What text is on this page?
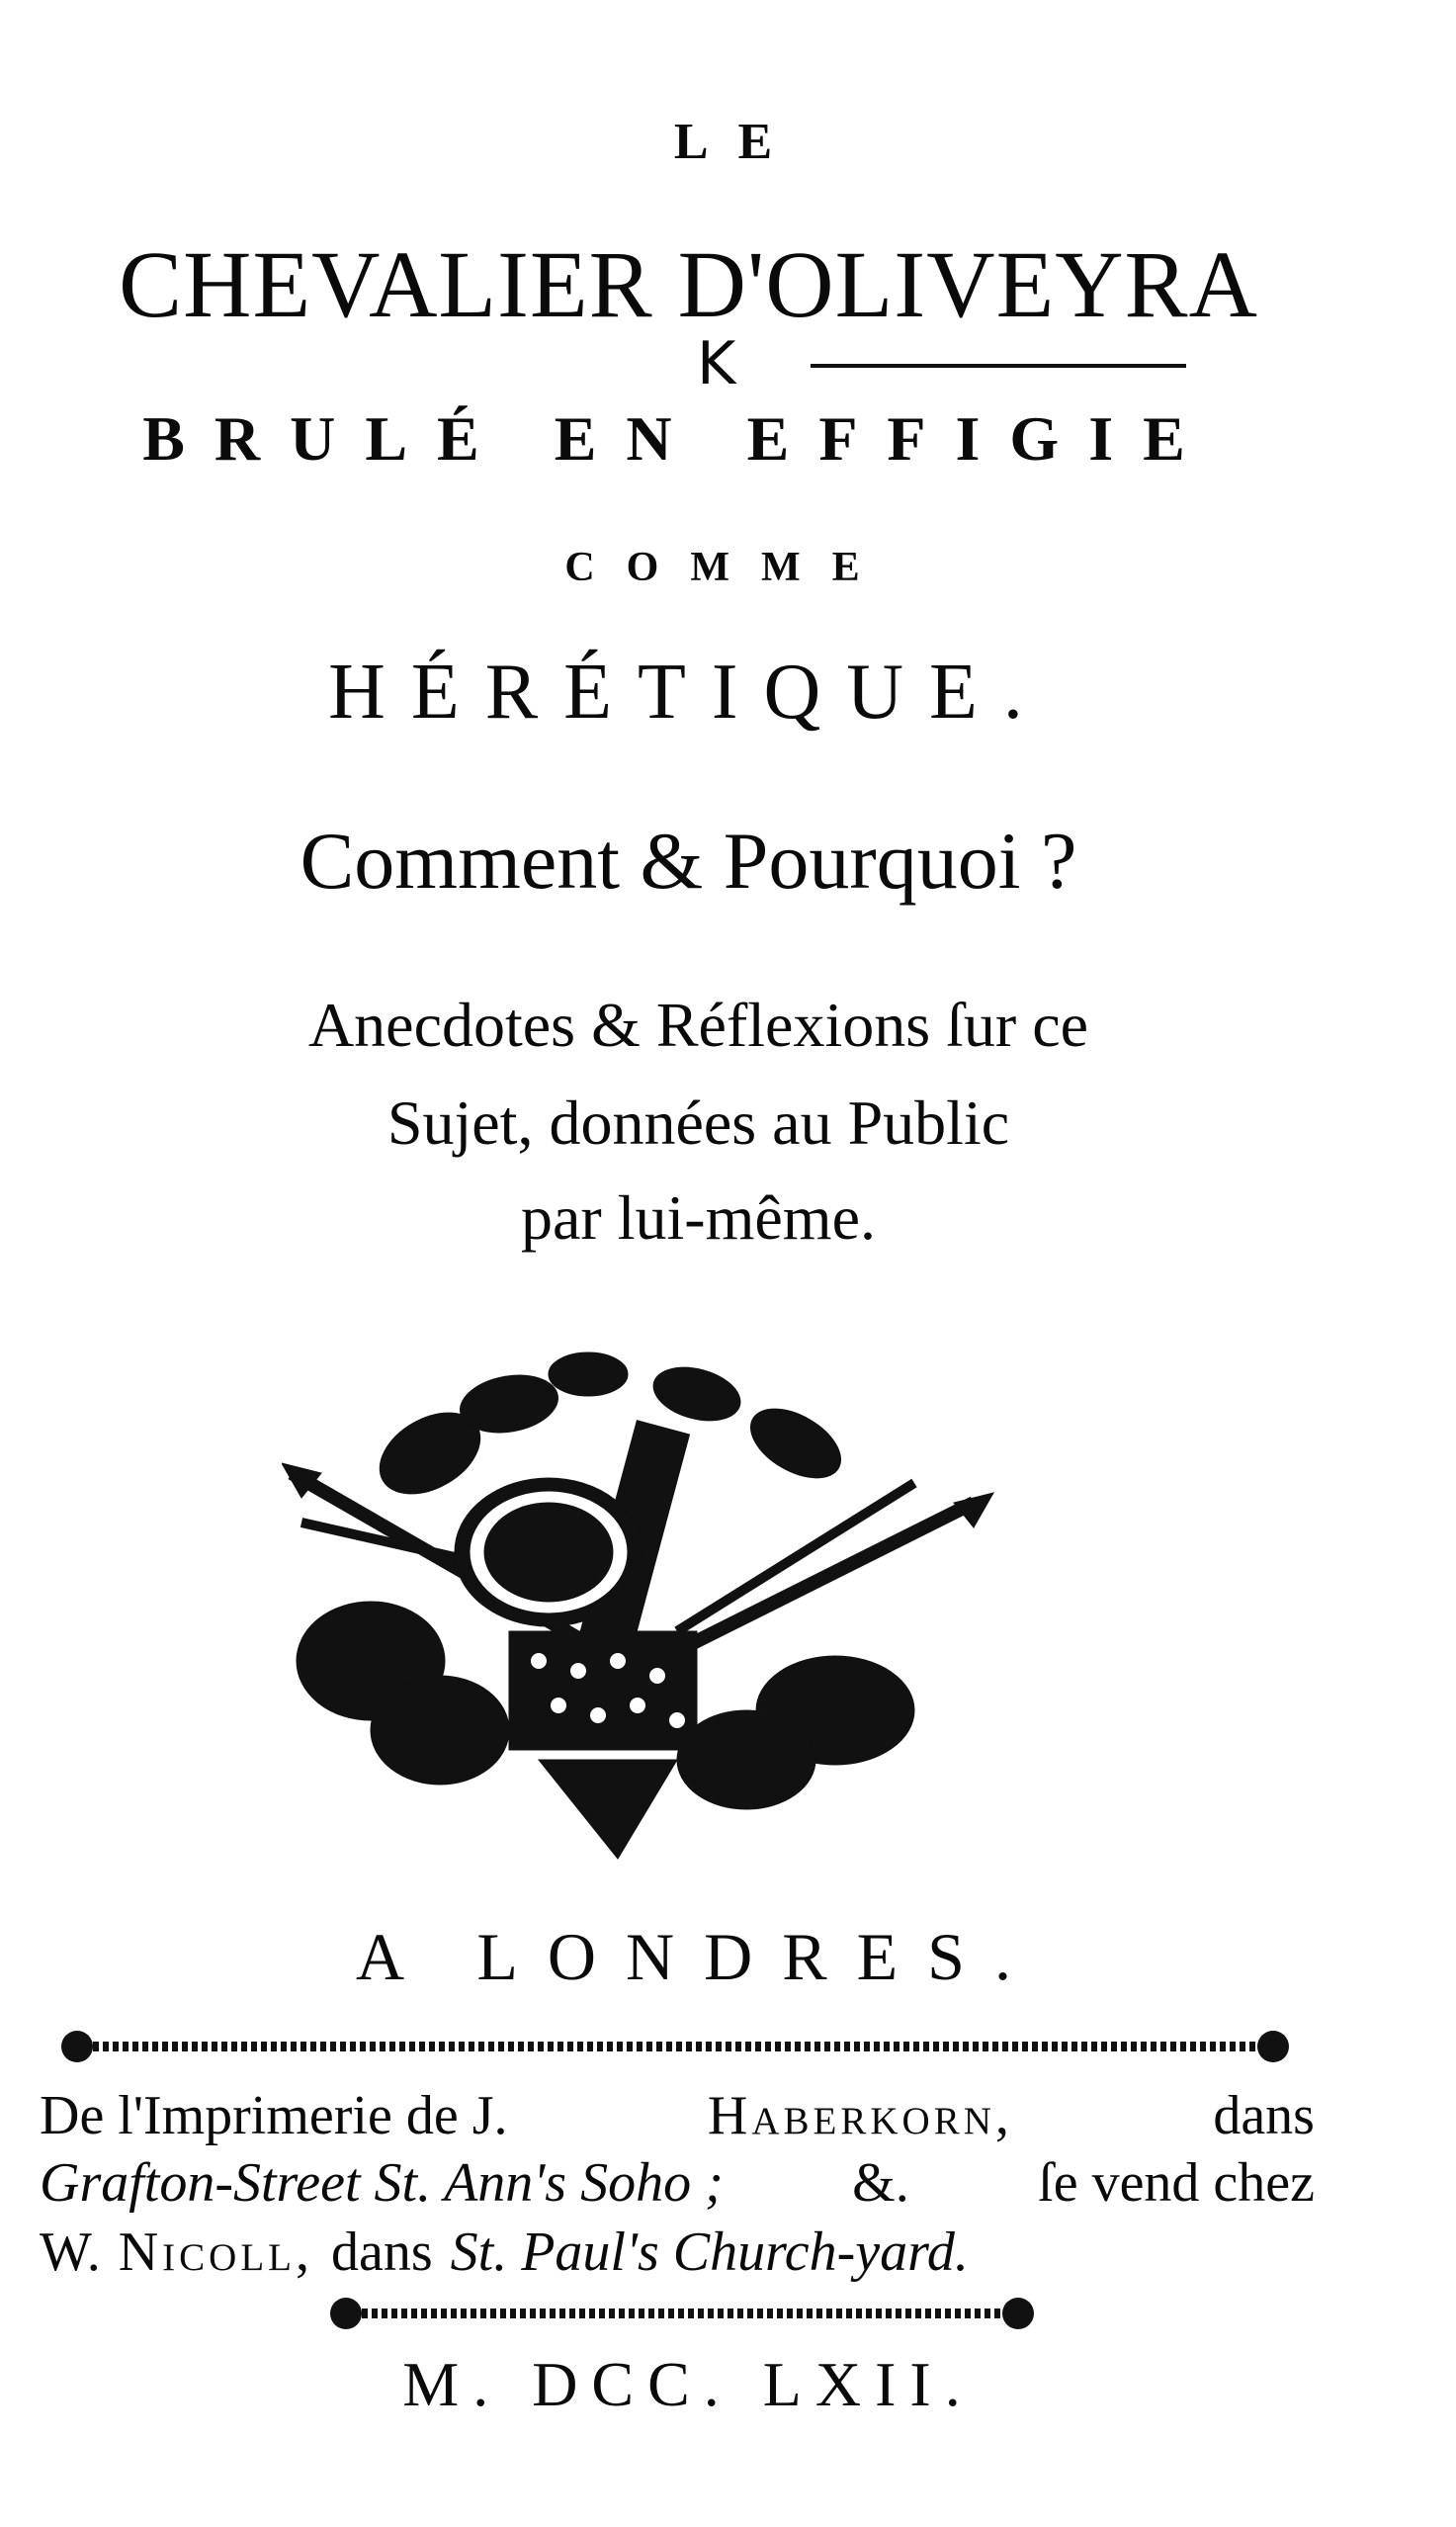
LE
CHEVALIER D'OLIVEYRA
K
BRULÉ EN EFFIGIE
COMME
HÉRÉTIQUE.
Comment & Pourquoi ?
Anecdotes & Réflexions ſur ce
Sujet, données au Public
par lui-même.
A LONDRES.
De l'Imprimerie de J.	Haberkorn,	dans
Grafton-Street St. Ann's Soho ; &. ſe vend chez
W. Nicoll, dans St. Paul's Church-yard.
M. DCC. LXII.
